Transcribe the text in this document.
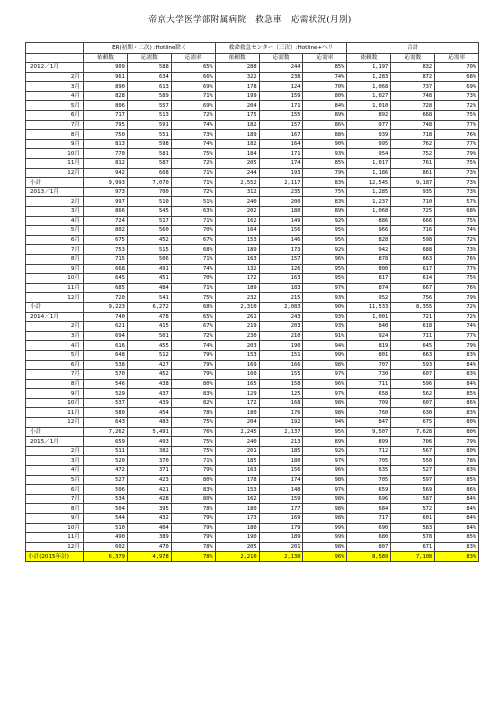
帝京大学医学部附属病院　救急車　応需状況(月別)
	ER(初期・二次) :Hotline除く			救命救急センター（三次）:Hotline+ヘリ			合計		
	依頼数	応需数	応需率	依頼数	応需数	応需率	依頼数	応需数	応需率
2012／1月	909	588	65%	288	244	85%	1,197	832	70%
2月	961	634	66%	322	238	74%	1,283	872	68%
3月	890	613	69%	178	124	70%	1,068	737	69%
4月	828	589	71%	199	159	80%	1,027	748	73%
5月	806	557	69%	204	171	84%	1,010	728	72%
6月	717	513	72%	175	155	89%	892	668	75%
7月	795	591	74%	182	157	86%	977	748	77%
8月	750	551	73%	189	167	88%	939	718	76%
9月	813	598	74%	182	164	90%	995	762	77%
10月	770	581	75%	184	171	93%	954	752	79%
11月	812	587	72%	205	174	85%	1,017	761	75%
12月	942	668	71%	244	193	79%	1,186	861	73%
小計	9,993	7,070	71%	2,552	2,117	83%	12,545	9,187	73%
2013／1月	973	700	72%	312	235	75%	1,285	935	73%
2月	997	510	51%	240	200	83%	1,237	710	57%
3月	866	545	63%	202	180	89%	1,068	725	68%
4月	724	517	71%	162	149	92%	886	666	75%
5月	802	560	70%	164	156	95%	966	716	74%
6月	675	452	67%	153	146	95%	828	598	72%
7月	753	515	68%	189	173	92%	942	688	73%
8月	715	506	71%	163	157	96%	878	663	76%
9月	668	491	74%	132	126	95%	800	617	77%
10月	645	451	70%	172	163	95%	817	614	75%
11月	685	484	71%	189	183	97%	874	667	76%
12月	720	541	75%	232	215	93%	952	756	79%
小計	9,223	6,272	68%	2,310	2,083	90%	11,533	8,355	72%
2014／1月	740	478	65%	261	243	93%	1,001	721	72%
2月	621	415	67%	219	203	93%	840	618	74%
3月	694	501	72%	230	210	91%	924	711	77%
4月	616	455	74%	203	190	94%	819	645	79%
5月	648	512	79%	153	151	99%	801	663	83%
6月	538	427	79%	169	166	98%	707	593	84%
7月	570	452	79%	160	155	97%	730	607	83%
8月	546	438	80%	165	158	96%	711	596	84%
9月	529	437	83%	129	125	97%	658	562	85%
10月	537	439	82%	172	168	98%	709	607	86%
11月	580	454	78%	180	176	98%	760	630	83%
12月	643	483	75%	204	192	94%	847	675	80%
小計	7,262	5,491	76%	2,245	2,137	95%	9,507	7,628	80%
2015／1月	659	493	75%	240	213	89%	899	706	79%
2月	511	382	75%	201	185	92%	712	567	80%
3月	520	370	71%	185	180	97%	705	550	78%
4月	472	371	79%	163	156	96%	635	527	83%
5月	527	423	80%	178	174	98%	705	597	85%
6月	506	421	83%	153	148	97%	659	569	86%
7月	534	428	80%	162	159	98%	696	587	84%
8月	504	395	78%	180	177	98%	684	572	84%
9月	544	432	79%	173	169	98%	717	601	84%
10月	510	404	79%	180	179	99%	690	583	84%
11月	490	389	79%	190	189	99%	680	578	85%
12月	602	470	78%	205	201	98%	807	671	83%
小計(2015年計)	6,379	4,978	78%	2,210	2,130	96%	8,589	7,108	83%
